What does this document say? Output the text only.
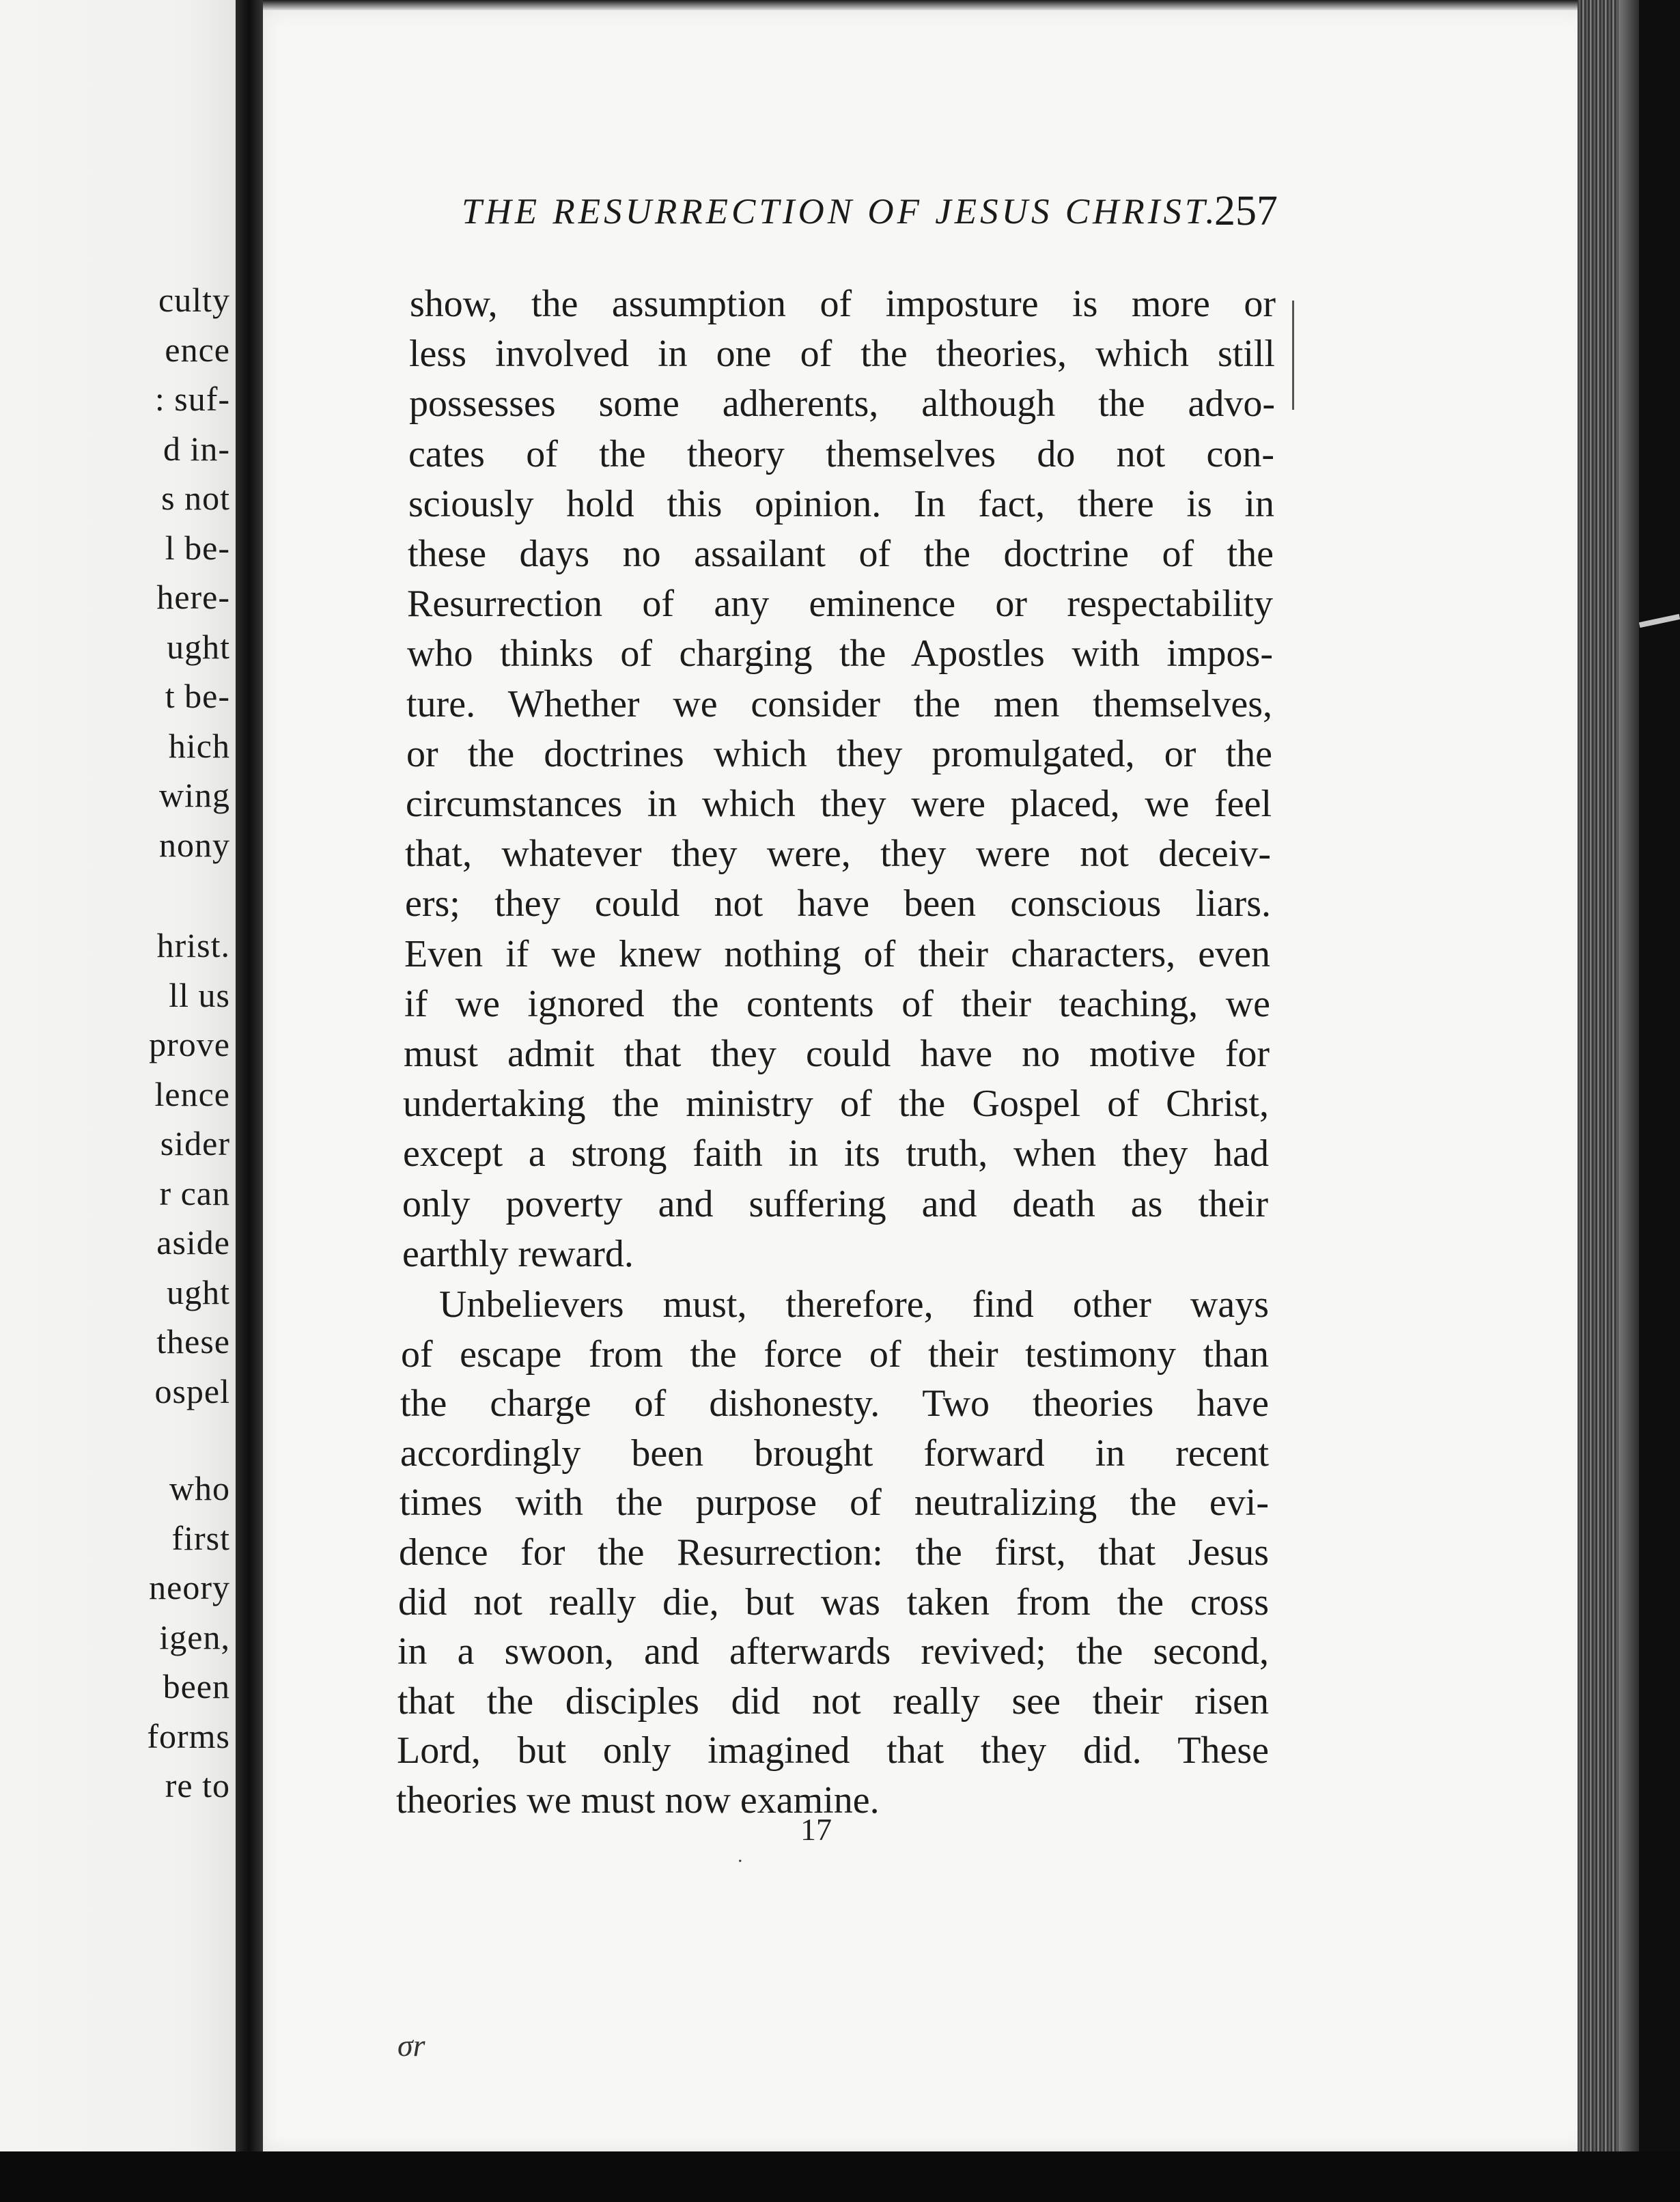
culty
ence
: suf-
d in-
s not
l be-
here-
ught
t be-
hich
wing
nony
hrist.
ll us
prove
lence
sider
r can
aside
ught
these
ospel
who
first
neory
igen,
been
forms
re to
THE RESURRECTION OF JESUS CHRIST.
257
show, the assumption of imposture is more or
less involved in one of the theories, which still
possesses some adherents, although the advo-
cates of the theory themselves do not con-
sciously hold this opinion. In fact, there is in
these days no assailant of the doctrine of the
Resurrection of any eminence or respectability
who thinks of charging the Apostles with impos-
ture. Whether we consider the men themselves,
or the doctrines which they promulgated, or the
circumstances in which they were placed, we feel
that, whatever they were, they were not deceiv-
ers; they could not have been conscious liars.
Even if we knew nothing of their characters, even
if we ignored the contents of their teaching, we
must admit that they could have no motive for
undertaking the ministry of the Gospel of Christ,
except a strong faith in its truth, when they had
only poverty and suffering and death as their
earthly reward.
Unbelievers must, therefore, find other ways
of escape from the force of their testimony than
the charge of dishonesty. Two theories have
accordingly been brought forward in recent
times with the purpose of neutralizing the evi-
dence for the Resurrection: the first, that Jesus
did not really die, but was taken from the cross
in a swoon, and afterwards revived; the second,
that the disciples did not really see their risen
Lord, but only imagined that they did. These
theories we must now examine.
.
17
σr
